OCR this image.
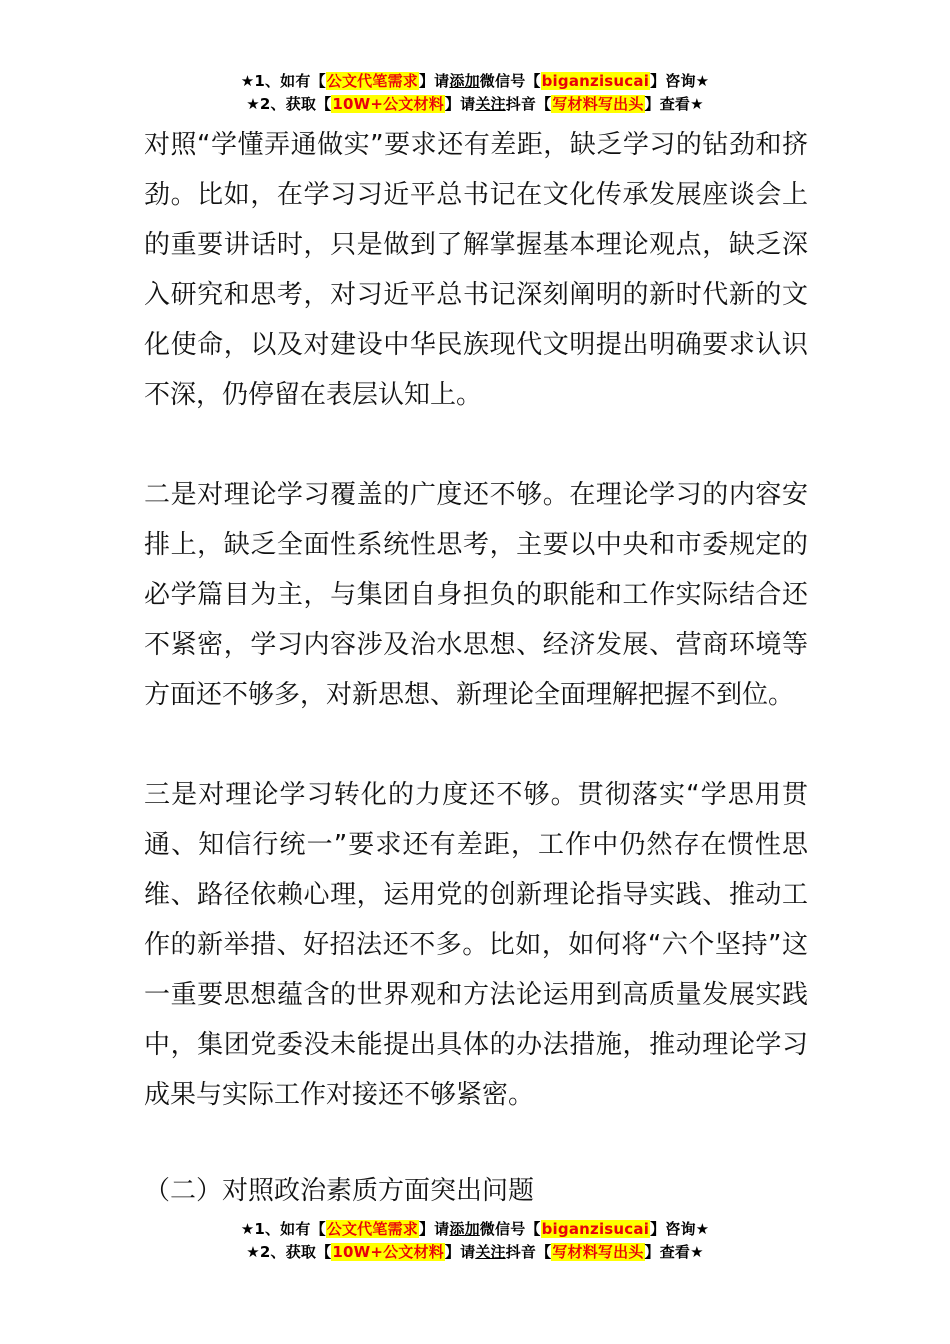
★1、如有【公文代笔需求】请添加微信号【biganzisucai】咨询★
★2、获取【10W+公文材料】请关注抖音【写材料写出头】查看★

对照“学懂弄通做实”要求还有差距，缺乏学习的钻劲和挤劲。比如，在学习习近平总书记在文化传承发展座谈会上的重要讲话时，只是做到了解掌握基本理论观点，缺乏深入研究和思考，对习近平总书记深刻阐明的新时代新的文化使命，以及对建设中华民族现代文明提出明确要求认识不深，仍停留在表层认知上。

二是对理论学习覆盖的广度还不够。在理论学习的内容安排上，缺乏全面性系统性思考，主要以中央和市委规定的必学篇目为主，与集团自身担负的职能和工作实际结合还不紧密，学习内容涉及治水思想、经济发展、营商环境等方面还不够多，对新思想、新理论全面理解把握不到位。

三是对理论学习转化的力度还不够。贯彻落实“学思用贯通、知信行统一”要求还有差距，工作中仍然存在惯性思维、路径依赖心理，运用党的创新理论指导实践、推动工作的新举措、好招法还不多。比如，如何将“六个坚持”这一重要思想蕴含的世界观和方法论运用到高质量发展实践中，集团党委没未能提出具体的办法措施，推动理论学习成果与实际工作对接还不够紧密。

（二）对照政治素质方面突出问题

★1、如有【公文代笔需求】请添加微信号【biganzisucai】咨询★
★2、获取【10W+公文材料】请关注抖音【写材料写出头】查看★
